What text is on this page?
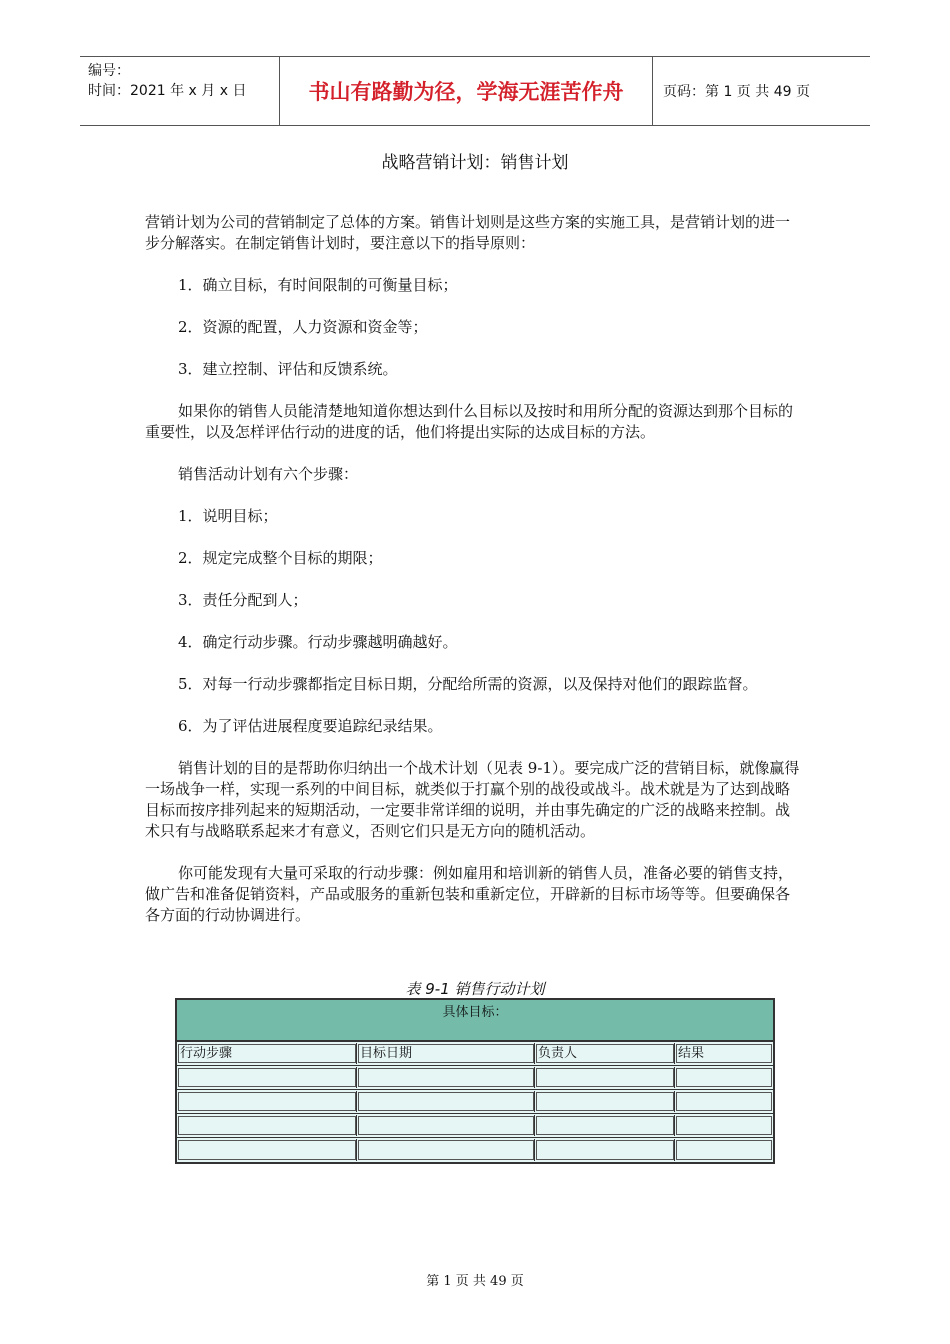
编号：
时间：2021 年 x 月 x 日	书山有路勤为径，学海无涯苦作舟	页码：第 1 页 共 49 页
战略营销计划：销售计划

营销计划为公司的营销制定了总体的方案。销售计划则是这些方案的实施工具，是营销计划的进一步分解落实。在制定销售计划时，要注意以下的指导原则：

1．确立目标，有时间限制的可衡量目标；

2．资源的配置，人力资源和资金等；

3．建立控制、评估和反馈系统。

如果你的销售人员能清楚地知道你想达到什么目标以及按时和用所分配的资源达到那个目标的重要性，以及怎样评估行动的进度的话，他们将提出实际的达成目标的方法。

销售活动计划有六个步骤：

1．说明目标；

2．规定完成整个目标的期限；

3．责任分配到人；

4．确定行动步骤。行动步骤越明确越好。

5．对每一行动步骤都指定目标日期，分配给所需的资源，以及保持对他们的跟踪监督。

6．为了评估进展程度要追踪纪录结果。

销售计划的目的是帮助你归纳出一个战术计划（见表 9-1）。要完成广泛的营销目标，就像赢得一场战争一样，实现一系列的中间目标，就类似于打赢个别的战役或战斗。战术就是为了达到战略目标而按序排列起来的短期活动，一定要非常详细的说明，并由事先确定的广泛的战略来控制。战术只有与战略联系起来才有意义，否则它们只是无方向的随机活动。

你可能发现有大量可采取的行动步骤：例如雇用和培训新的销售人员，准备必要的销售支持，做广告和准备促销资料，产品或服务的重新包装和重新定位，开辟新的目标市场等等。但要确保各各方面的行动协调进行。

表 9-1 销售行动计划
具体目标：
行动步骤	目标日期	负责人	结果
第 1 页 共 49 页
